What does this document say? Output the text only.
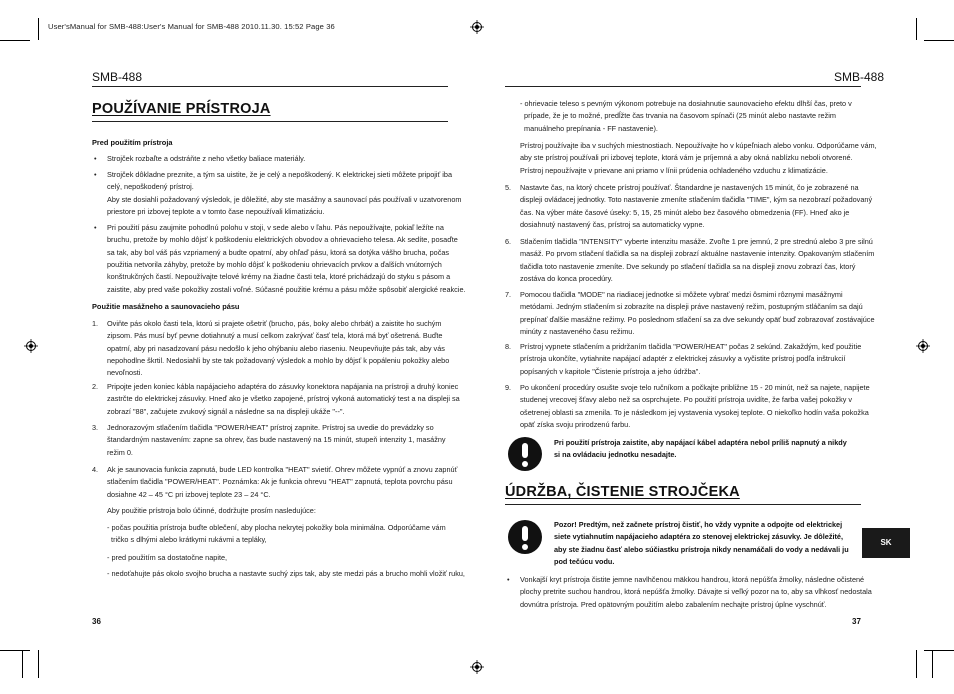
User'sManual for SMB-488:User's Manual for SMB-488 2010.11.30. 15:52 Page 36
SMB-488
POUŽÍVANIE PRÍSTROJA
Pred použitím prístroja
• Strojček rozbaľte a odstráňte z neho všetky baliace materiály.
• Strojček dôkladne preznite, a tým sa uistite, že je celý a nepoškodený. K elektrickej sieti môžete pripojiť iba
celý, nepoškodený prístroj.
Aby ste dosiahli požadovaný výsledok, je dôležité, aby ste masážny a saunovací pás používali v uzatvorenom
priestore pri izbovej teplote a v tomto čase nepoužívali klimatizáciu.
• Pri použití pásu zaujmite pohodlnú polohu v stoji, v sede alebo v ľahu. Pás nepoužívajte, pokiaľ ležíte na
bruchu, pretože by mohlo dôjsť k poškodeniu elektrických obvodov a ohrievacieho telesa. Ak sedíte, posaďte
sa tak, aby bol váš pás vzpriamený a budte opatrní, aby ohľaď pásu, ktorá sa dotýka vášho brucha, počas
použitia netvorila záhyby, pretože by mohlo dôjsť k poškodeniu ohrievacích prvkov a ďalších vnútorných
konštrukčných častí. Nepoužívajte telové krémy na žiadne časti tela, ktoré prichádzajú do styku s pásom a
zaistite, aby pred vaše pokožky zostali voľné. Súčasné použitie krému a pásu môže spôsobiť alergické reakcie.
Použitie masážneho a saunovacieho pásu
1. Oviňte pás okolo časti tela, ktorú si prajete ošetriť (brucho, pás, boky alebo chrbát) a zaistite ho suchým
zipsom. Pás musí byť pevne dotiahnutý a musí celkom zakrývať časť tela, ktorá má byť ošetrená. Buďte
opatrní, aby pri nasadzovaní pásu nedošlo k jeho ohýbaniu alebo riaseniu. Neupevňujte pás tak, aby vás
nepohodlne škrtil. Nedosiahli by ste tak požadovaný výsledok a mohlo by dôjsť k popáleniu pokožky alebo
nevoľnosti.
2. Pripojte jeden koniec kábla napájacieho adaptéra do zásuvky konektora napájania na prístroji a druhý koniec
zastrčte do elektrickej zásuvky. Hneď ako je všetko zapojené, prístroj vykoná automatický test a na displeji sa
zobrazí "88", začujete zvukový signál a následne sa na displeji ukáže "--".
3. Jednorazovým stlačením tlačidla "POWER/HEAT" prístroj zapnite. Prístroj sa uvedie do prevádzky so
štandardným nastavením: zapne sa ohrev, čas bude nastavený na 15 minút, stupeň intenzity 1, masážny
režim 0.
4. Ak je saunovacia funkcia zapnutá, bude LED kontrolka "HEAT" svietiť. Ohrev môžete vypnúť a znovu zapnúť
stlačením tlačidla "POWER/HEAT". Poznámka: Ak je funkcia ohrevu "HEAT" zapnutá, teplota povrchu pásu
dosiahne 42 – 45 °C pri izbovej teplote 23 – 24 °C.
Aby použitie prístroja bolo účinné, dodržujte prosím nasledujúce:
- počas použitia prístroja buďte oblečení, aby plocha nekrytej pokožky bola minimálna. Odporúčame vám
tričko s dlhými alebo krátkymi rukávmi a tepláky,
- pred použitím sa dostatočne napite,
- nedoťahujte pás okolo svojho brucha a nastavte suchý zips tak, aby ste medzi pás a brucho mohli vložiť ruku,
36
SMB-488
- ohrievacie teleso s pevným výkonom potrebuje na dosiahnutie saunovacieho efektu dlhší čas, preto v
prípade, že je to možné, predĺžte čas trvania na časovom spínači (25 minút alebo nastavte režim
manuálneho prepínania - FF nastavenie).
Prístroj používajte iba v suchých miestnostiach. Nepoužívajte ho v kúpeľniach alebo vonku. Odporúčame vám,
aby ste prístroj používali pri izbovej teplote, ktorá vám je príjemná a aby okná nablízku neboli otvorené.
Prístroj nepoužívajte v prievane ani priamo v línii prúdenia ochladeného vzduchu z klimatizácie.
5. Nastavte čas, na ktorý chcete prístroj používať. Štandardne je nastavených 15 minút, čo je zobrazené na
displeji ovládacej jednotky. Toto nastavenie zmeníte stlačením tlačidla "TIME", kým sa nezobrazí požadovaný
čas. Na výber máte časové úseky: 5, 15, 25 minút alebo bez časového obmedzenia (FF). Hneď ako je
dosiahnutý nastavený čas, prístroj sa automaticky vypne.
6. Stlačením tlačidla "INTENSITY" vyberte intenzitu masáže. Zvoľte 1 pre jemnú, 2 pre strednú alebo 3 pre silnú
masáž. Po prvom stlačení tlačidla sa na displeji zobrazí aktuálne nastavenie intenzity. Opakovaným stlačením
tlačidla toto nastavenie zmeníte. Dve sekundy po stlačení tlačidla sa na displeji znovu zobrazí čas, ktorý
zostáva do konca procedúry.
7. Pomocou tlačidla "MODE" na riadiacej jednotke si môžete vybrať medzi ôsmimi rôznymi masážnymi
metódami. Jedným stlačením si zobrazíte na displeji práve nastavený režim, postupným stláčaním sa dajú
prepínať ďalšie masážne režimy. Po poslednom stlačení sa za dve sekundy opäť buď zobrazovať zostávajúce
minúty z nastaveného času režimu.
8. Prístroj vypnete stlačením a pridržaním tlačidla "POWER/HEAT" počas 2 sekúnd. Zakaždým, keď použitie
prístroja ukončíte, vytiahnite napájací adaptér z elektrickej zásuvky a vyčistite prístroj podľa inštrukcií
popísaných v kapitole "Čistenie prístroja a jeho údržba".
9. Po ukončení procedúry osušte svoje telo ručníkom a počkajte približne 15 - 20 minút, než sa najete, napijete
studenej vrecovej šťavy alebo než sa osprchujete. Po použití prístroja uvidíte, že farba vašej pokožky v
ošetrenej oblasti sa zmenila. To je následkom jej vystavenia vysokej teplote. O niekoľko hodín vaša pokožka
opäť získa svoju prirodzenú farbu.
Pri použití prístroja zaistite, aby napájací kábel adaptéra nebol príliš napnutý a nikdy
si na ovládaciu jednotku nesadajte.
ÚDRŽBA, ČISTENIE STROJČEKA
Pozor! Predtým, než začnete prístroj čistiť, ho vždy vypnite a odpojte od elektrickej
siete vytiahnutím napájacieho adaptéra zo stenovej elektrickej zásuvky. Je dôležité,
aby ste žiadnu časť alebo súčiastku prístroja nikdy nenamáčali do vody a nedávali ju
pod tečúcu vodu.
• Vonkajší kryt prístroja čistite jemne navlhčenou mäkkou handrou, ktorá nepúšťa žmolky, následne očistené
plochy pretrite suchou handrou, ktorá nepúšťa žmolky. Dávajte si veľký pozor na to, aby sa vlhkosť nedostala
dovnútra prístroja. Pred opätovným použitím alebo zabalením nechajte prístroj úplne vyschnúť.
SK
37
